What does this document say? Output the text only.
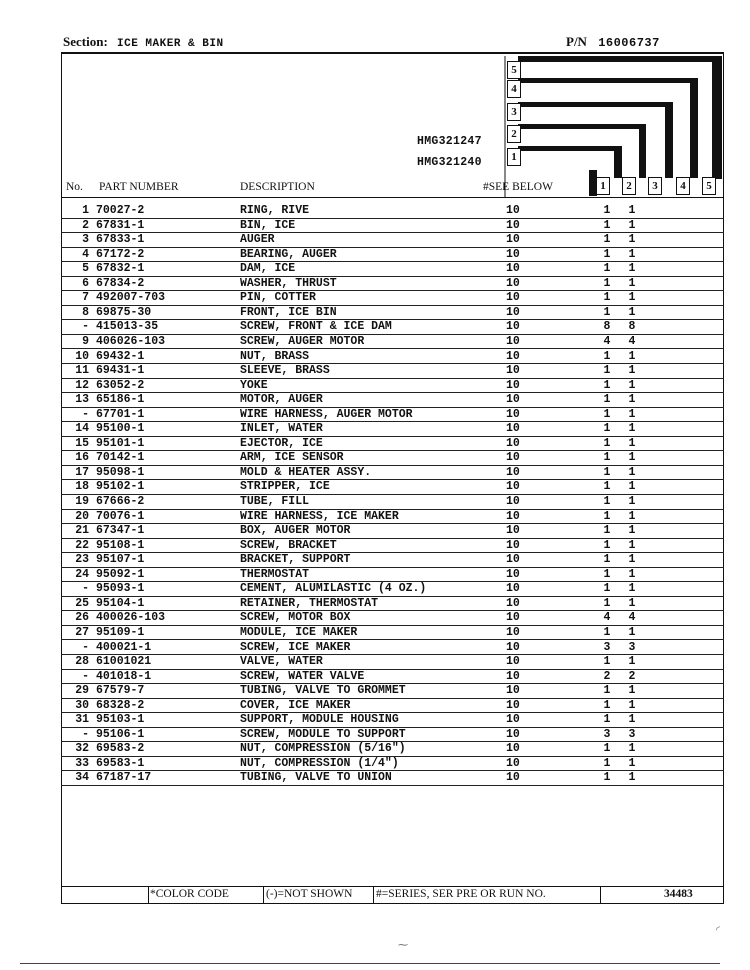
Section: ICE MAKER & BIN	P/N 16006737
5
4
3
2
1
HMG321247
HMG321240
No. PART NUMBER	DESCRIPTION	#SEE BELOW	1	2	3	4	5
1 70027-2	RING, RIVE	10	1 1
2 67831-1	BIN, ICE	10	1 1
3 67833-1	AUGER	10	1 1
4 67172-2	BEARING, AUGER	10	1 1
5 67832-1	DAM, ICE	10	1 1
6 67834-2	WASHER, THRUST	10	1 1
7 492007-703	PIN, COTTER	10	1 1
8 69875-30	FRONT, ICE BIN	10	1 1
- 415013-35	SCREW, FRONT & ICE DAM	10	8 8
9 406026-103	SCREW, AUGER MOTOR	10	4 4
10 69432-1	NUT, BRASS	10	1 1
11 69431-1	SLEEVE, BRASS	10	1 1
12 63052-2	YOKE	10	1 1
13 65186-1	MOTOR, AUGER	10	1 1
- 67701-1	WIRE HARNESS, AUGER MOTOR	10	1 1
14 95100-1	INLET, WATER	10	1 1
15 95101-1	EJECTOR, ICE	10	1 1
16 70142-1	ARM, ICE SENSOR	10	1 1
17 95098-1	MOLD & HEATER ASSY.	10	1 1
18 95102-1	STRIPPER, ICE	10	1 1
19 67666-2	TUBE, FILL	10	1 1
20 70076-1	WIRE HARNESS, ICE MAKER	10	1 1
21 67347-1	BOX, AUGER MOTOR	10	1 1
22 95108-1	SCREW, BRACKET	10	1 1
23 95107-1	BRACKET, SUPPORT	10	1 1
24 95092-1	THERMOSTAT	10	1 1
- 95093-1	CEMENT, ALUMILASTIC (4 OZ.)	10	1 1
25 95104-1	RETAINER, THERMOSTAT	10	1 1
26 400026-103	SCREW, MOTOR BOX	10	4 4
27 95109-1	MODULE, ICE MAKER	10	1 1
- 400021-1	SCREW, ICE MAKER	10	3 3
28 61001021	VALVE, WATER	10	1 1
- 401018-1	SCREW, WATER VALVE	10	2 2
29 67579-7	TUBING, VALVE TO GROMMET	10	1 1
30 68328-2	COVER, ICE MAKER	10	1 1
31 95103-1	SUPPORT, MODULE HOUSING	10	1 1
- 95106-1	SCREW, MODULE TO SUPPORT	10	3 3
32 69583-2	NUT, COMPRESSION (5/16")	10	1 1
33 69583-1	NUT, COMPRESSION (1/4")	10	1 1
34 67187-17	TUBING, VALVE TO UNION	10	1 1
*COLOR CODE	(-)=NOT SHOWN #=SERIES, SER PRE OR RUN NO.	34483
⁓
◜
